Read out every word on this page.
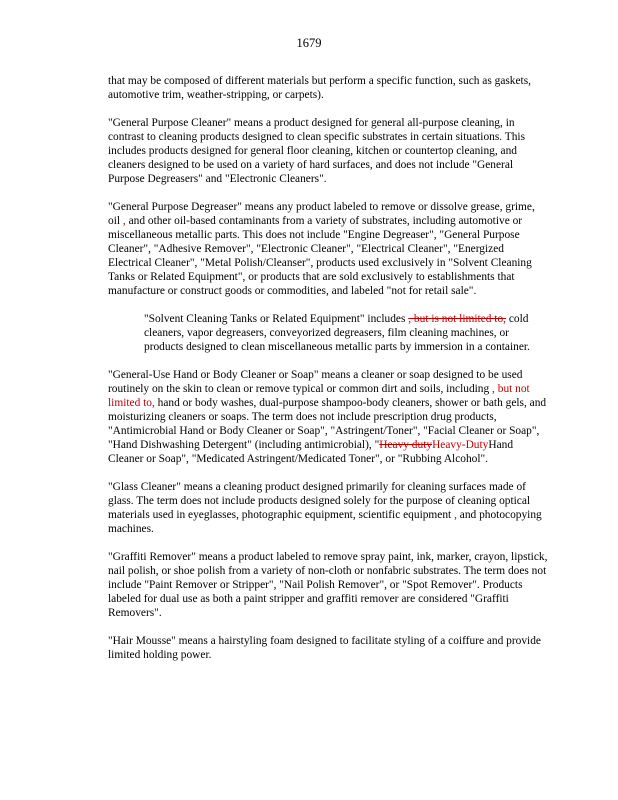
1679

that may be composed of different materials but perform a specific function, such as gaskets, automotive trim, weather-stripping, or carpets).

"General Purpose Cleaner" means a product designed for general all-purpose cleaning, in contrast to cleaning products designed to clean specific substrates in certain situations. This includes products designed for general floor cleaning, kitchen or countertop cleaning, and cleaners designed to be used on a variety of hard surfaces, and does not include "General Purpose Degreasers" and "Electronic Cleaners".

"General Purpose Degreaser" means any product labeled to remove or dissolve grease, grime, oil , and other oil-based contaminants from a variety of substrates, including automotive or miscellaneous metallic parts. This does not include "Engine Degreaser", "General Purpose Cleaner", "Adhesive Remover", "Electronic Cleaner", "Electrical Cleaner", "Energized Electrical Cleaner", "Metal Polish/Cleanser", products used exclusively in "Solvent Cleaning Tanks or Related Equipment", or products that are sold exclusively to establishments that manufacture or construct goods or commodities, and labeled "not for retail sale".

"Solvent Cleaning Tanks or Related Equipment" includes , but is not limited to, cold cleaners, vapor degreasers, conveyorized degreasers, film cleaning machines, or products designed to clean miscellaneous metallic parts by immersion in a container.

"General-Use Hand or Body Cleaner or Soap" means a cleaner or soap designed to be used routinely on the skin to clean or remove typical or common dirt and soils, including , but not limited to, hand or body washes, dual-purpose shampoo-body cleaners, shower or bath gels, and moisturizing cleaners or soaps. The term does not include prescription drug products, "Antimicrobial Hand or Body Cleaner or Soap", "Astringent/Toner", "Facial Cleaner or Soap", "Hand Dishwashing Detergent" (including antimicrobial), "Heavy dutyHeavy-DutyHand Cleaner or Soap", "Medicated Astringent/Medicated Toner", or "Rubbing Alcohol".

"Glass Cleaner" means a cleaning product designed primarily for cleaning surfaces made of glass. The term does not include products designed solely for the purpose of cleaning optical materials used in eyeglasses, photographic equipment, scientific equipment , and photocopying machines.

"Graffiti Remover" means a product labeled to remove spray paint, ink, marker, crayon, lipstick, nail polish, or shoe polish from a variety of non-cloth or nonfabric substrates. The term does not include "Paint Remover or Stripper", "Nail Polish Remover", or "Spot Remover". Products labeled for dual use as both a paint stripper and graffiti remover are considered "Graffiti Removers".

"Hair Mousse" means a hairstyling foam designed to facilitate styling of a coiffure and provide limited holding power.
